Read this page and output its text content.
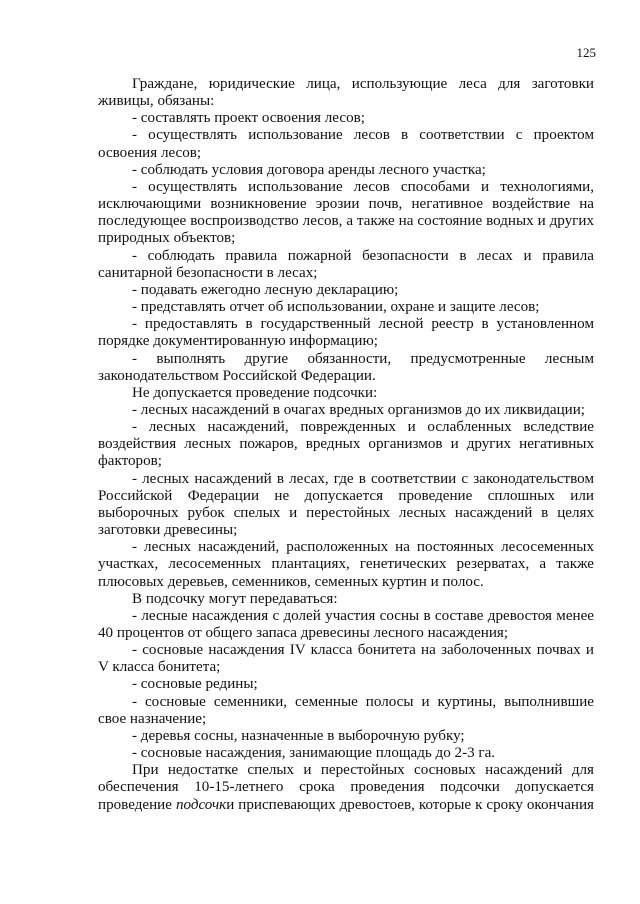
125

Граждане, юридические лица, использующие леса для заготовки живицы, обязаны:

- составлять проект освоения лесов;

- осуществлять использование лесов в соответствии с проектом освоения лесов;

- соблюдать условия договора аренды лесного участка;

- осуществлять использование лесов способами и технологиями, исключающими возникновение эрозии почв, негативное воздействие на последующее воспроизводство лесов, а также на состояние водных и других природных объектов;

- соблюдать правила пожарной безопасности в лесах и правила санитарной безопасности в лесах;

- подавать ежегодно лесную декларацию;

- представлять отчет об использовании, охране и защите лесов;

- предоставлять в государственный лесной реестр в установленном порядке документированную информацию;

- выполнять другие обязанности, предусмотренные лесным законодательством Российской Федерации.

Не допускается проведение подсочки:

- лесных насаждений в очагах вредных организмов до их ликвидации;

- лесных насаждений, поврежденных и ослабленных вследствие воздействия лесных пожаров, вредных организмов и других негативных факторов;

- лесных насаждений в лесах, где в соответствии с законодательством Российской Федерации не допускается проведение сплошных или выборочных рубок спелых и перестойных лесных насаждений в целях заготовки древесины;

- лесных насаждений, расположенных на постоянных лесосеменных участках, лесосеменных плантациях, генетических резерватах, а также плюсовых деревьев, семенников, семенных куртин и полос.

В подсочку могут передаваться:

- лесные насаждения с долей участия сосны в составе древостоя менее 40 процентов от общего запаса древесины лесного насаждения;

- сосновые насаждения IV класса бонитета на заболоченных почвах и V класса бонитета;

- сосновые редины;

- сосновые семенники, семенные полосы и куртины, выполнившие свое назначение;

- деревья сосны, назначенные в выборочную рубку;

- сосновые насаждения, занимающие площадь до 2-3 га.

При недостатке спелых и перестойных сосновых насаждений для обеспечения 10-15-летнего срока проведения подсочки допускается проведение подсочки приспевающих древостоев, которые к сроку окончания
